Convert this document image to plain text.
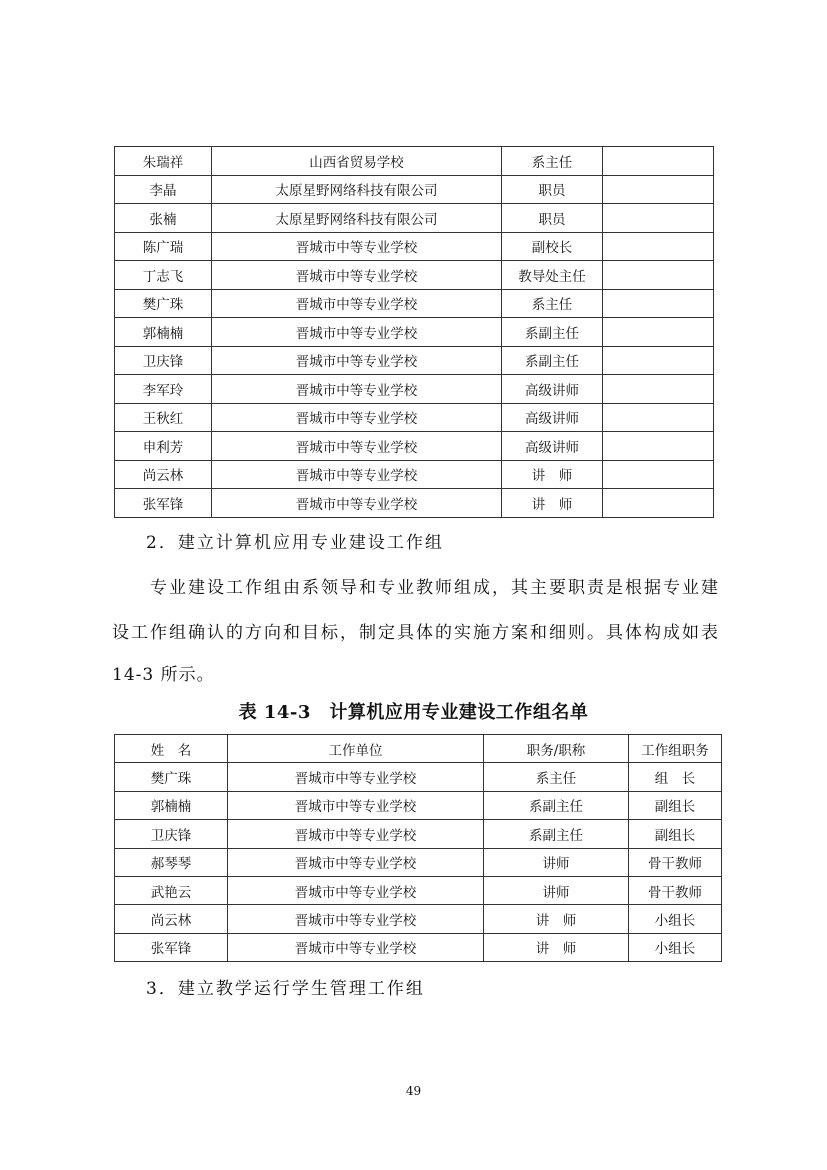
朱瑞祥	山西省贸易学校	系主任	
李晶	太原星野网络科技有限公司	职员	
张楠	太原星野网络科技有限公司	职员	
陈广瑞	晋城市中等专业学校	副校长	
丁志飞	晋城市中等专业学校	教导处主任	
樊广珠	晋城市中等专业学校	系主任	
郭楠楠	晋城市中等专业学校	系副主任	
卫庆锋	晋城市中等专业学校	系副主任	
李军玲	晋城市中等专业学校	高级讲师	
王秋红	晋城市中等专业学校	高级讲师	
申利芳	晋城市中等专业学校	高级讲师	
尚云林	晋城市中等专业学校	讲　师	
张军锋	晋城市中等专业学校	讲　师	
2．建立计算机应用专业建设工作组
专业建设工作组由系领导和专业教师组成，其主要职责是根据专业建
设工作组确认的方向和目标，制定具体的实施方案和细则。具体构成如表
14-3 所示。
表 14-3　计算机应用专业建设工作组名单
姓　名	工作单位	职务/职称	工作组职务
樊广珠	晋城市中等专业学校	系主任	组　长
郭楠楠	晋城市中等专业学校	系副主任	副组长
卫庆锋	晋城市中等专业学校	系副主任	副组长
郝琴琴	晋城市中等专业学校	讲师	骨干教师
武艳云	晋城市中等专业学校	讲师	骨干教师
尚云林	晋城市中等专业学校	讲　师	小组长
张军锋	晋城市中等专业学校	讲　师	小组长
3．建立教学运行学生管理工作组
49
